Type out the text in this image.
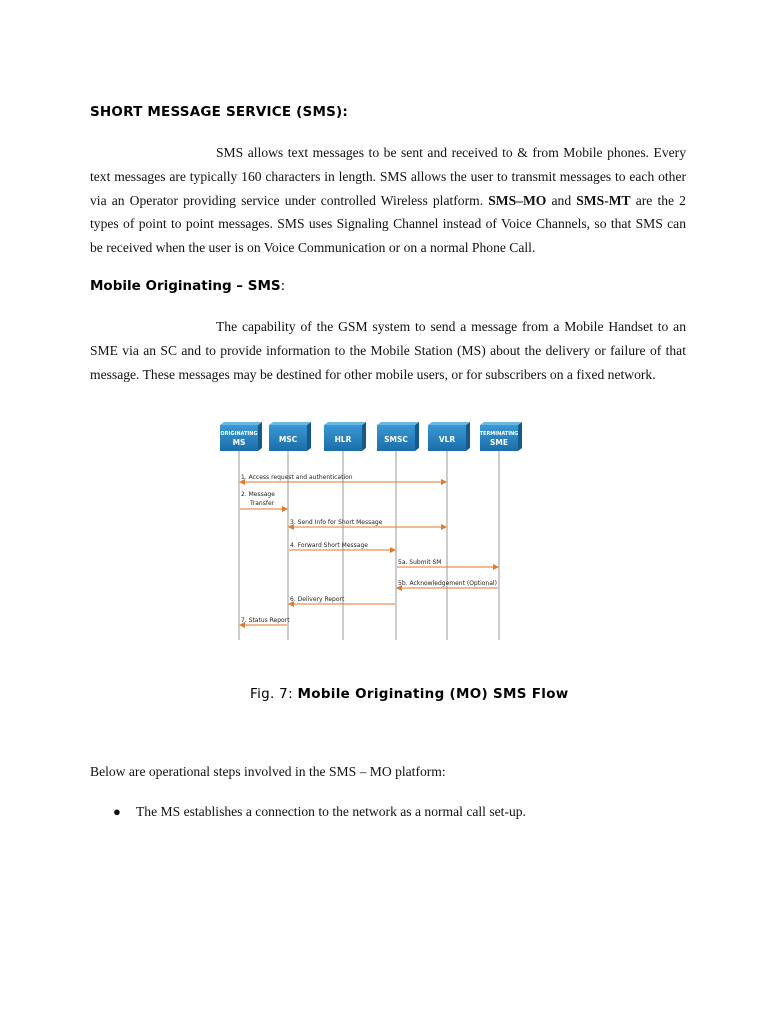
SHORT MESSAGE SERVICE (SMS):
SMS allows text messages to be sent and received to & from Mobile phones. Every text messages are typically 160 characters in length. SMS allows the user to transmit messages to each other via an Operator providing service under controlled Wireless platform. SMS–MO and SMS-MT are the 2 types of point to point messages. SMS uses Signaling Channel instead of Voice Channels, so that SMS can be received when the user is on Voice Communication or on a normal Phone Call.
Mobile Originating – SMS:
The capability of the GSM system to send a message from a Mobile Handset to an SME via an SC and to provide information to the Mobile Station (MS) about the delivery or failure of that message. These messages may be destined for other mobile users, or for subscribers on a fixed network.
ORIGINATING
MS	MSC	HLR	SMSC	VLR
TERMINATING
SME
1. Access request and authentication
2. Message
Transfer
3. Send Info for Short Message
4. Forward Short Message
5a. Submit SM
5b. Acknowledgement (Optional)
6. Delivery Report
7. Status Report
Fig. 7: Mobile Originating (MO) SMS Flow
Below are operational steps involved in the SMS – MO platform:
● The MS establishes a connection to the network as a normal call set-up.
